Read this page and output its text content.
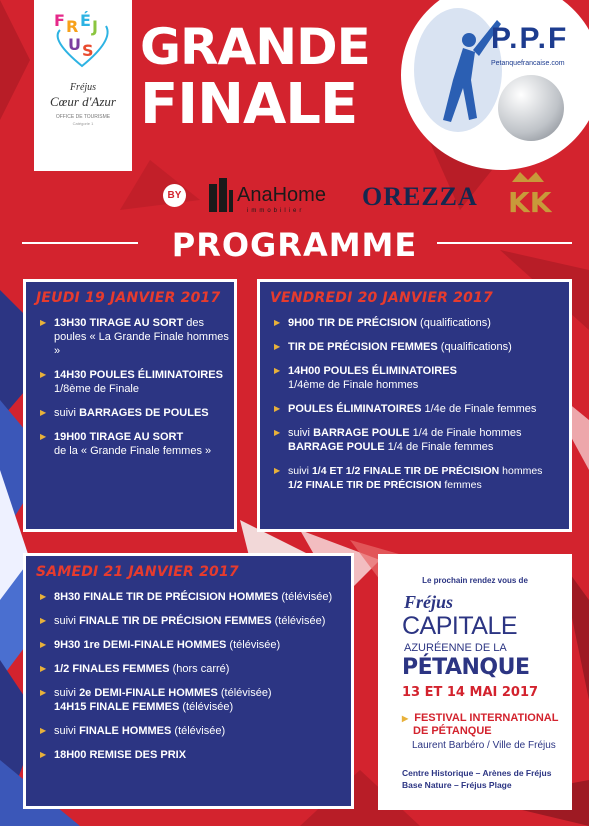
F R É J
U S
Fréjus
Cœur d'Azur
OFFICE DE TOURISME
Catégorie 1
fréjus.fr
GRANDE
FINALE
P.P.F
Petanquefrancaise.com
BY	AnaHome
immobilier OREZZA KK
PROGRAMME
JEUDI 19 JANVIER 2017
▶ 13H30 TIRAGE AU SORT des poules « La Grande Finale hommes »
▶ 14H30 POULES ÉLIMINATOIRES
1/8ème de Finale
▶ suivi BARRAGES DE POULES
▶ 19H00 TIRAGE AU SORT
de la « Grande Finale femmes »
VENDREDI 20 JANVIER 2017
▶ 9H00 TIR DE PRÉCISION (qualifications)
▶ TIR DE PRÉCISION FEMMES (qualifications)
▶ 14H00 POULES ÉLIMINATOIRES
1/4ème de Finale hommes
▶ POULES ÉLIMINATOIRES 1/4e de Finale femmes
▶ suivi BARRAGE POULE 1/4 de Finale hommes
BARRAGE POULE 1/4 de Finale femmes
▶ suivi 1/4 ET 1/2 FINALE TIR DE PRÉCISION hommes
1/2 FINALE TIR DE PRÉCISION femmes
SAMEDI 21 JANVIER 2017
▶ 8H30 FINALE TIR DE PRÉCISION HOMMES (télévisée)
▶ suivi FINALE TIR DE PRÉCISION FEMMES (télévisée)
▶ 9H30 1re DEMI-FINALE HOMMES (télévisée)
▶ 1/2 FINALES FEMMES (hors carré)
▶ suivi 2e DEMI-FINALE HOMMES (télévisée)
14H15 FINALE FEMMES (télévisée)
▶ suivi FINALE HOMMES (télévisée)
▶ 18H00 REMISE DES PRIX
Le prochain rendez vous de
Fréjus
CAPITALE
AZURÉENNE DE LA
PÉTANQUE
13 ET 14 MAI 2017
▶ FESTIVAL INTERNATIONAL
DE PÉTANQUE
Laurent Barbéro / Ville de Fréjus
Centre Historique – Arènes de Fréjus
Base Nature – Fréjus Plage
